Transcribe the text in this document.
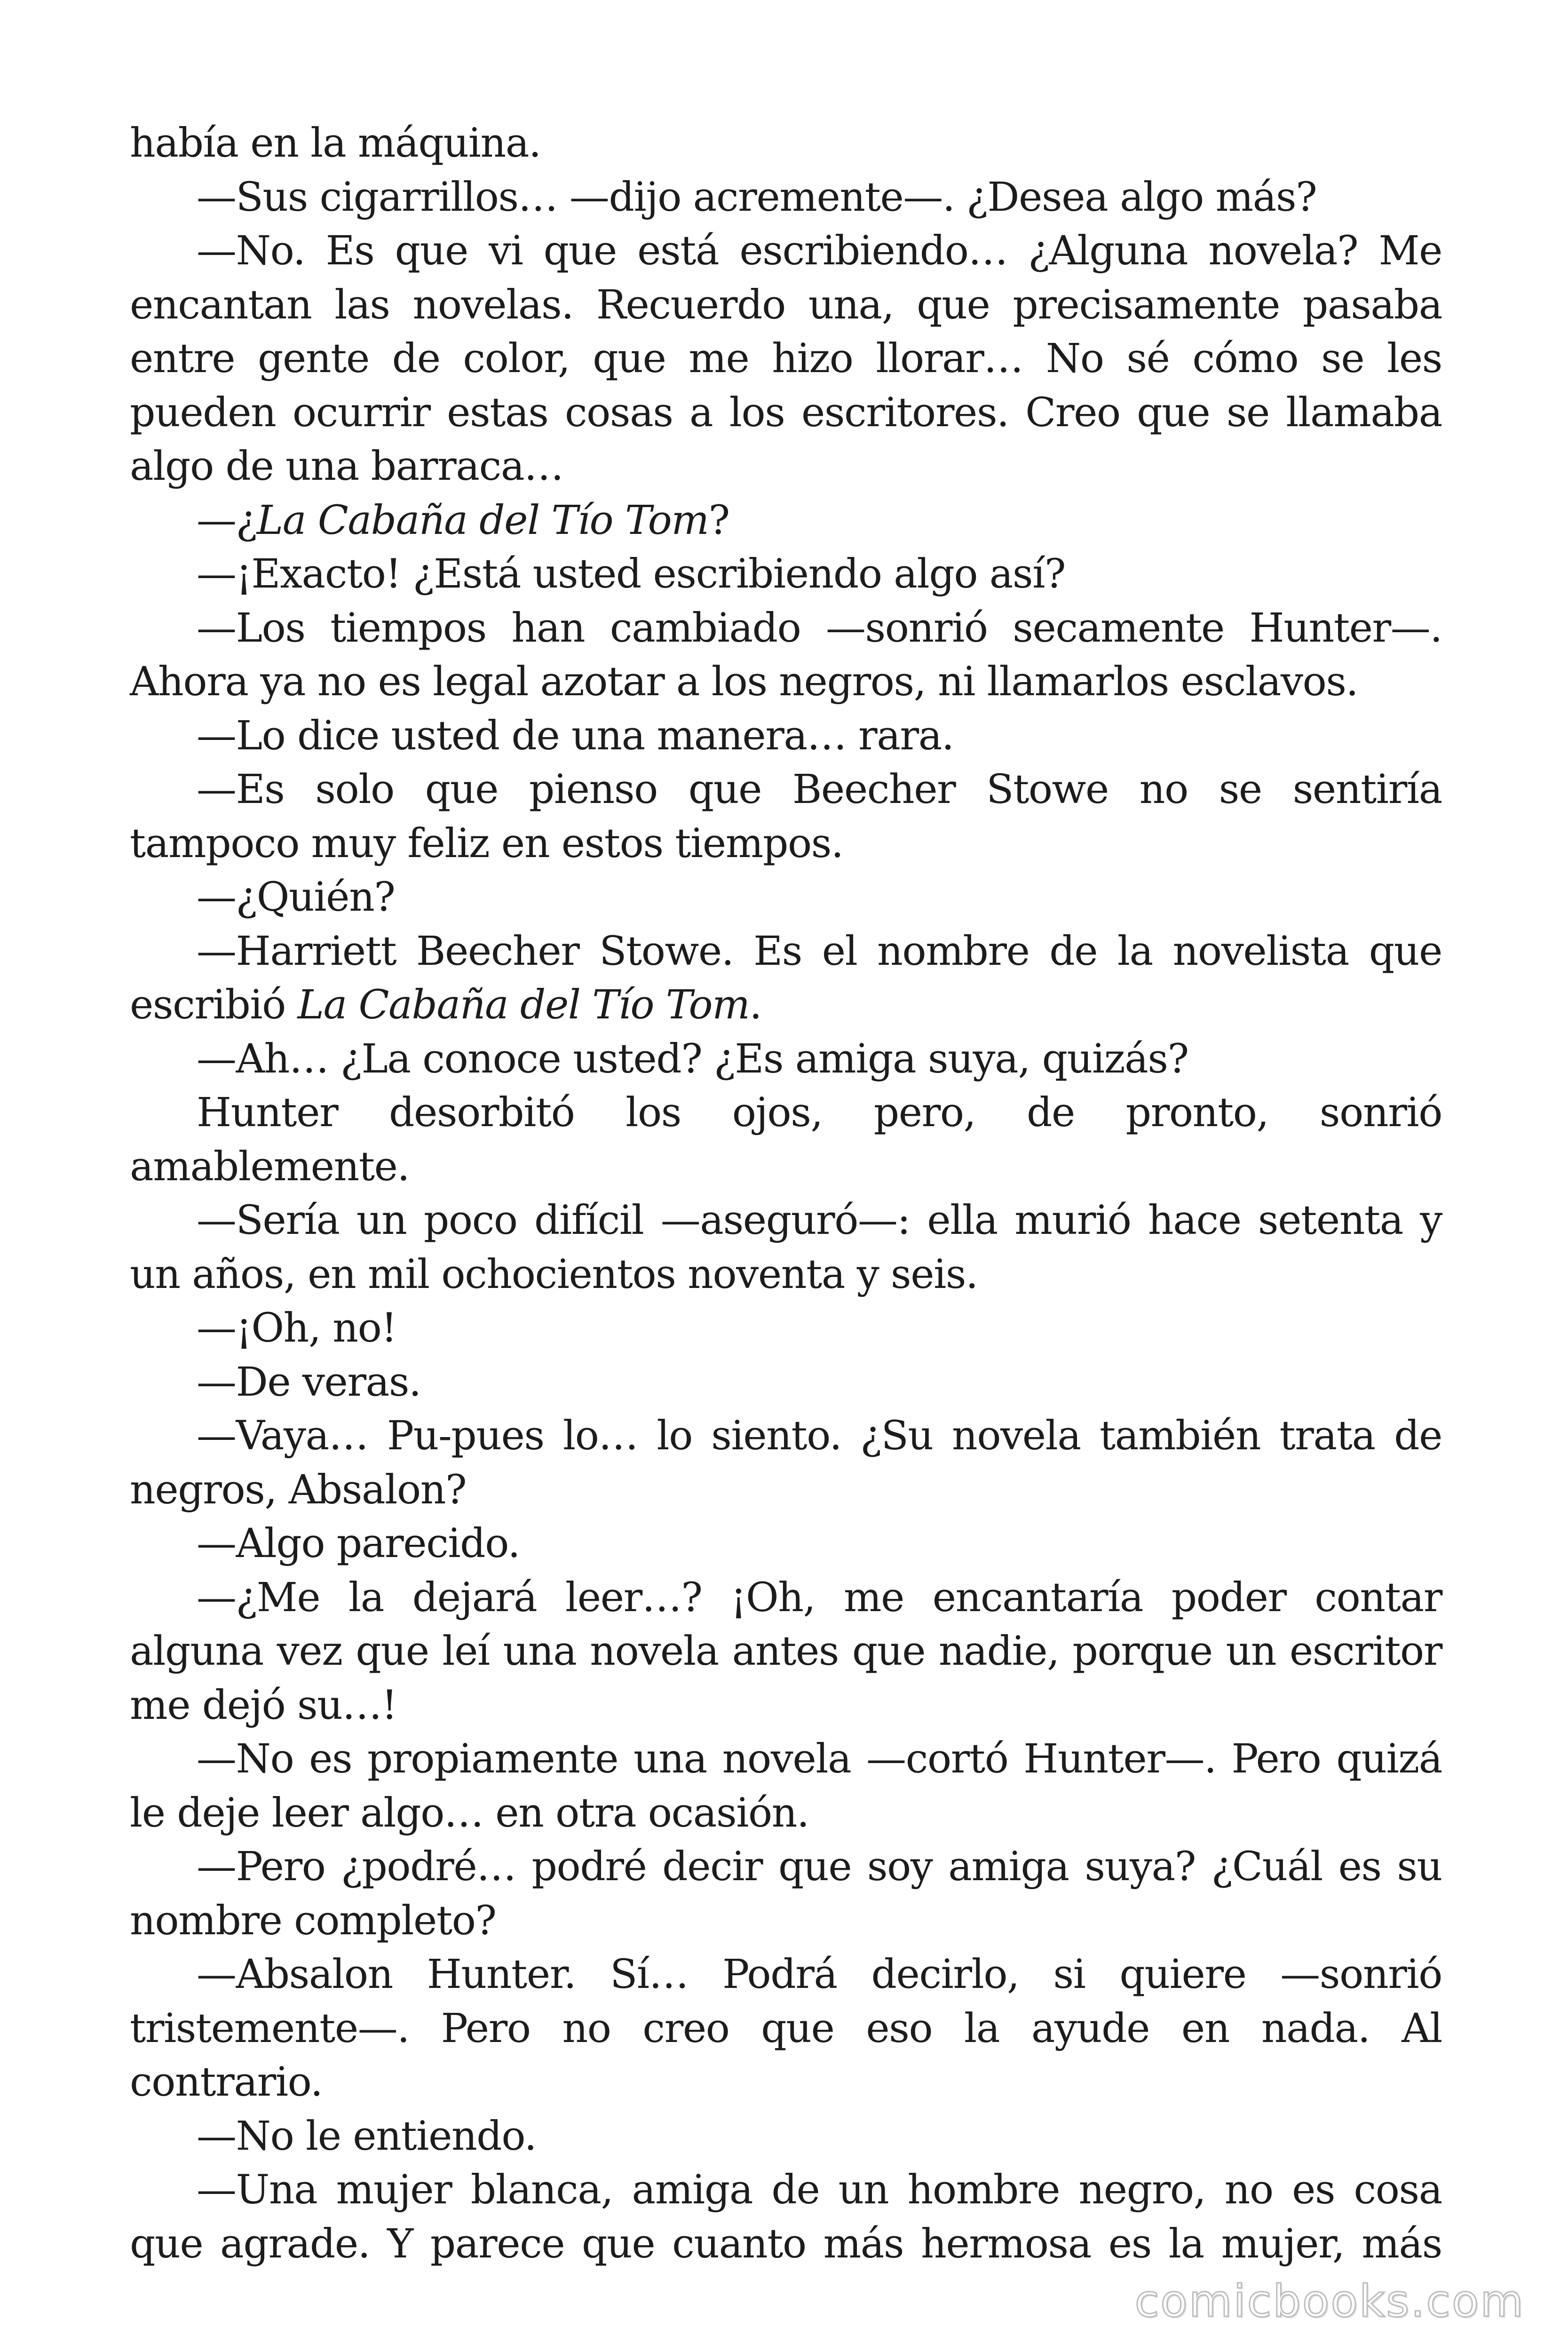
había en la máquina.

—Sus cigarrillos… —dijo acremente—. ¿Desea algo más?

—No. Es que vi que está escribiendo… ¿Alguna novela? Me encantan las novelas. Recuerdo una, que precisamente pasaba entre gente de color, que me hizo llorar… No sé cómo se les pueden ocurrir estas cosas a los escritores. Creo que se llamaba algo de una barraca…

—¿La Cabaña del Tío Tom?

—¡Exacto! ¿Está usted escribiendo algo así?

—Los tiempos han cambiado —sonrió secamente Hunter—. Ahora ya no es legal azotar a los negros, ni llamarlos esclavos.

—Lo dice usted de una manera… rara.

—Es solo que pienso que Beecher Stowe no se sentiría tampoco muy feliz en estos tiempos.

—¿Quién?

—Harriett Beecher Stowe. Es el nombre de la novelista que escribió La Cabaña del Tío Tom.

—Ah… ¿La conoce usted? ¿Es amiga suya, quizás?

Hunter desorbitó los ojos, pero, de pronto, sonrió amablemente.

—Sería un poco difícil —aseguró—: ella murió hace setenta y un años, en mil ochocientos noventa y seis.

—¡Oh, no!

—De veras.

—Vaya… Pu-pues lo… lo siento. ¿Su novela también trata de negros, Absalon?

—Algo parecido.

—¿Me la dejará leer…? ¡Oh, me encantaría poder contar alguna vez que leí una novela antes que nadie, porque un escritor me dejó su…!

—No es propiamente una novela —cortó Hunter—. Pero quizá le deje leer algo… en otra ocasión.

—Pero ¿podré… podré decir que soy amiga suya? ¿Cuál es su nombre completo?

—Absalon Hunter. Sí… Podrá decirlo, si quiere —sonrió tristemente—. Pero no creo que eso la ayude en nada. Al contrario.

—No le entiendo.

—Una mujer blanca, amiga de un hombre negro, no es cosa que agrade. Y parece que cuanto más hermosa es la mujer, más

comicbooks.com
